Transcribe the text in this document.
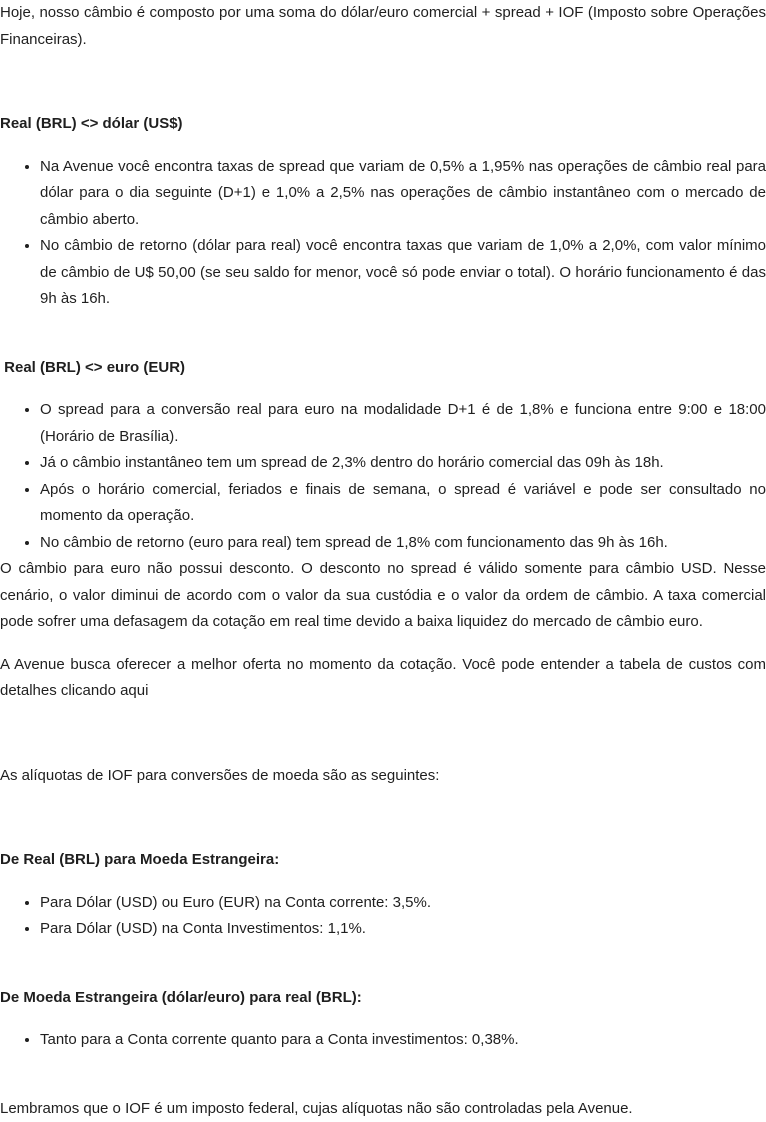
Hoje, nosso câmbio é composto por uma soma do dólar/euro comercial + spread + IOF (Imposto sobre Operações Financeiras).

Real (BRL) <> dólar (US$)

• Na Avenue você encontra taxas de spread que variam de 0,5% a 1,95% nas operações de câmbio real para dólar para o dia seguinte (D+1) e 1,0% a 2,5% nas operações de câmbio instantâneo com o mercado de câmbio aberto.
• No câmbio de retorno (dólar para real) você encontra taxas que variam de 1,0% a 2,0%, com valor mínimo de câmbio de U$ 50,00 (se seu saldo for menor, você só pode enviar o total). O horário funcionamento é das 9h às 16h.

Real (BRL) <> euro (EUR)

• O spread para a conversão real para euro na modalidade D+1 é de 1,8% e funciona entre 9:00 e 18:00 (Horário de Brasília).
• Já o câmbio instantâneo tem um spread de 2,3% dentro do horário comercial das 09h às 18h.
• Após o horário comercial, feriados e finais de semana, o spread é variável e pode ser consultado no momento da operação.
• No câmbio de retorno (euro para real) tem spread de 1,8% com funcionamento das 9h às 16h.

O câmbio para euro não possui desconto. O desconto no spread é válido somente para câmbio USD. Nesse cenário, o valor diminui de acordo com o valor da sua custódia e o valor da ordem de câmbio. A taxa comercial pode sofrer uma defasagem da cotação em real time devido a baixa liquidez do mercado de câmbio euro.

A Avenue busca oferecer a melhor oferta no momento da cotação. Você pode entender a tabela de custos com detalhes clicando aqui

As alíquotas de IOF para conversões de moeda são as seguintes:

De Real (BRL) para Moeda Estrangeira:

• Para Dólar (USD) ou Euro (EUR) na Conta corrente: 3,5%.
• Para Dólar (USD) na Conta Investimentos: 1,1%.

De Moeda Estrangeira (dólar/euro) para real (BRL):

• Tanto para a Conta corrente quanto para a Conta investimentos: 0,38%.

Lembramos que o IOF é um imposto federal, cujas alíquotas não são controladas pela Avenue.
